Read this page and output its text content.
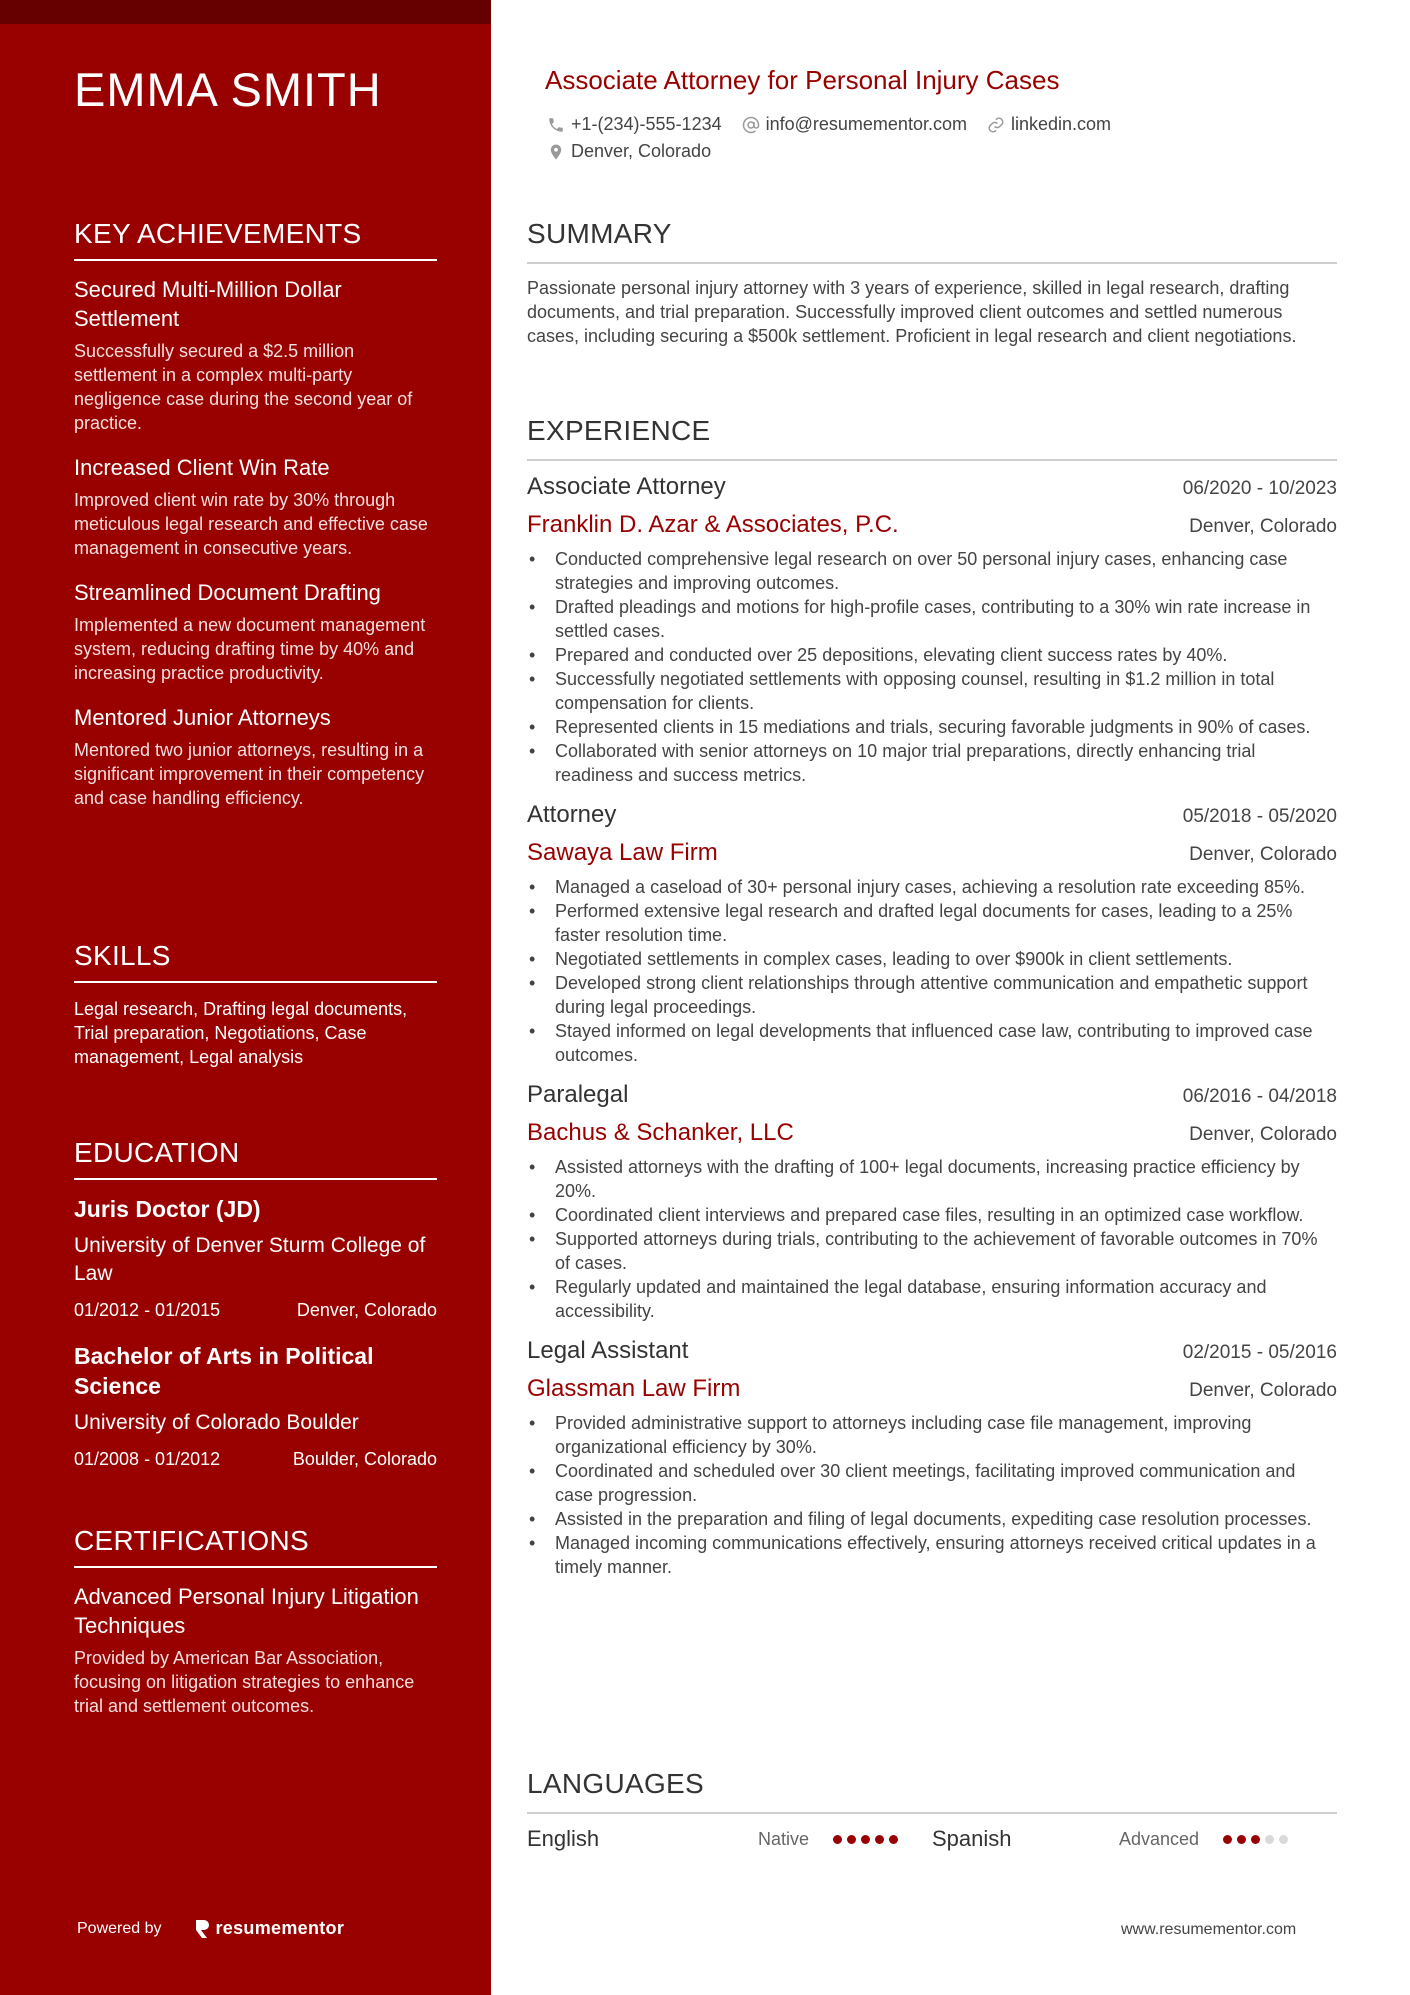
EMMA SMITH
KEY ACHIEVEMENTS
Secured Multi-Million Dollar Settlement
Successfully secured a $2.5 million settlement in a complex multi-party negligence case during the second year of practice.
Increased Client Win Rate
Improved client win rate by 30% through meticulous legal research and effective case management in consecutive years.
Streamlined Document Drafting
Implemented a new document management system, reducing drafting time by 40% and increasing practice productivity.
Mentored Junior Attorneys
Mentored two junior attorneys, resulting in a significant improvement in their competency and case handling efficiency.
SKILLS
Legal research, Drafting legal documents, Trial preparation, Negotiations, Case management, Legal analysis
EDUCATION
Juris Doctor (JD)
University of Denver Sturm College of Law
01/2012 - 01/2015	Denver, Colorado
Bachelor of Arts in Political Science
University of Colorado Boulder
01/2008 - 01/2012	Boulder, Colorado
CERTIFICATIONS
Advanced Personal Injury Litigation Techniques
Provided by American Bar Association, focusing on litigation strategies to enhance trial and settlement outcomes.
Powered by	resumementor
Associate Attorney for Personal Injury Cases
+1-(234)-555-1234 info@resumementor.com linkedin.com
Denver, Colorado
SUMMARY
Passionate personal injury attorney with 3 years of experience, skilled in legal research, drafting documents, and trial preparation. Successfully improved client outcomes and settled numerous cases, including securing a $500k settlement. Proficient in legal research and client negotiations.
EXPERIENCE
Associate Attorney	06/2020 - 10/2023
Franklin D. Azar & Associates, P.C.	Denver, Colorado
• Conducted comprehensive legal research on over 50 personal injury cases, enhancing case strategies and improving outcomes.
• Drafted pleadings and motions for high-profile cases, contributing to a 30% win rate increase in settled cases.
• Prepared and conducted over 25 depositions, elevating client success rates by 40%.
• Successfully negotiated settlements with opposing counsel, resulting in $1.2 million in total compensation for clients.
• Represented clients in 15 mediations and trials, securing favorable judgments in 90% of cases.
• Collaborated with senior attorneys on 10 major trial preparations, directly enhancing trial readiness and success metrics.
Attorney	05/2018 - 05/2020
Sawaya Law Firm	Denver, Colorado
• Managed a caseload of 30+ personal injury cases, achieving a resolution rate exceeding 85%.
• Performed extensive legal research and drafted legal documents for cases, leading to a 25% faster resolution time.
• Negotiated settlements in complex cases, leading to over $900k in client settlements.
• Developed strong client relationships through attentive communication and empathetic support during legal proceedings.
• Stayed informed on legal developments that influenced case law, contributing to improved case outcomes.
Paralegal	06/2016 - 04/2018
Bachus & Schanker, LLC	Denver, Colorado
• Assisted attorneys with the drafting of 100+ legal documents, increasing practice efficiency by 20%.
• Coordinated client interviews and prepared case files, resulting in an optimized case workflow.
• Supported attorneys during trials, contributing to the achievement of favorable outcomes in 70% of cases.
• Regularly updated and maintained the legal database, ensuring information accuracy and accessibility.
Legal Assistant	02/2015 - 05/2016
Glassman Law Firm	Denver, Colorado
• Provided administrative support to attorneys including case file management, improving organizational efficiency by 30%.
• Coordinated and scheduled over 30 client meetings, facilitating improved communication and case progression.
• Assisted in the preparation and filing of legal documents, expediting case resolution processes.
• Managed incoming communications effectively, ensuring attorneys received critical updates in a timely manner.
LANGUAGES
English	Native	Spanish	Advanced
www.resumementor.com
